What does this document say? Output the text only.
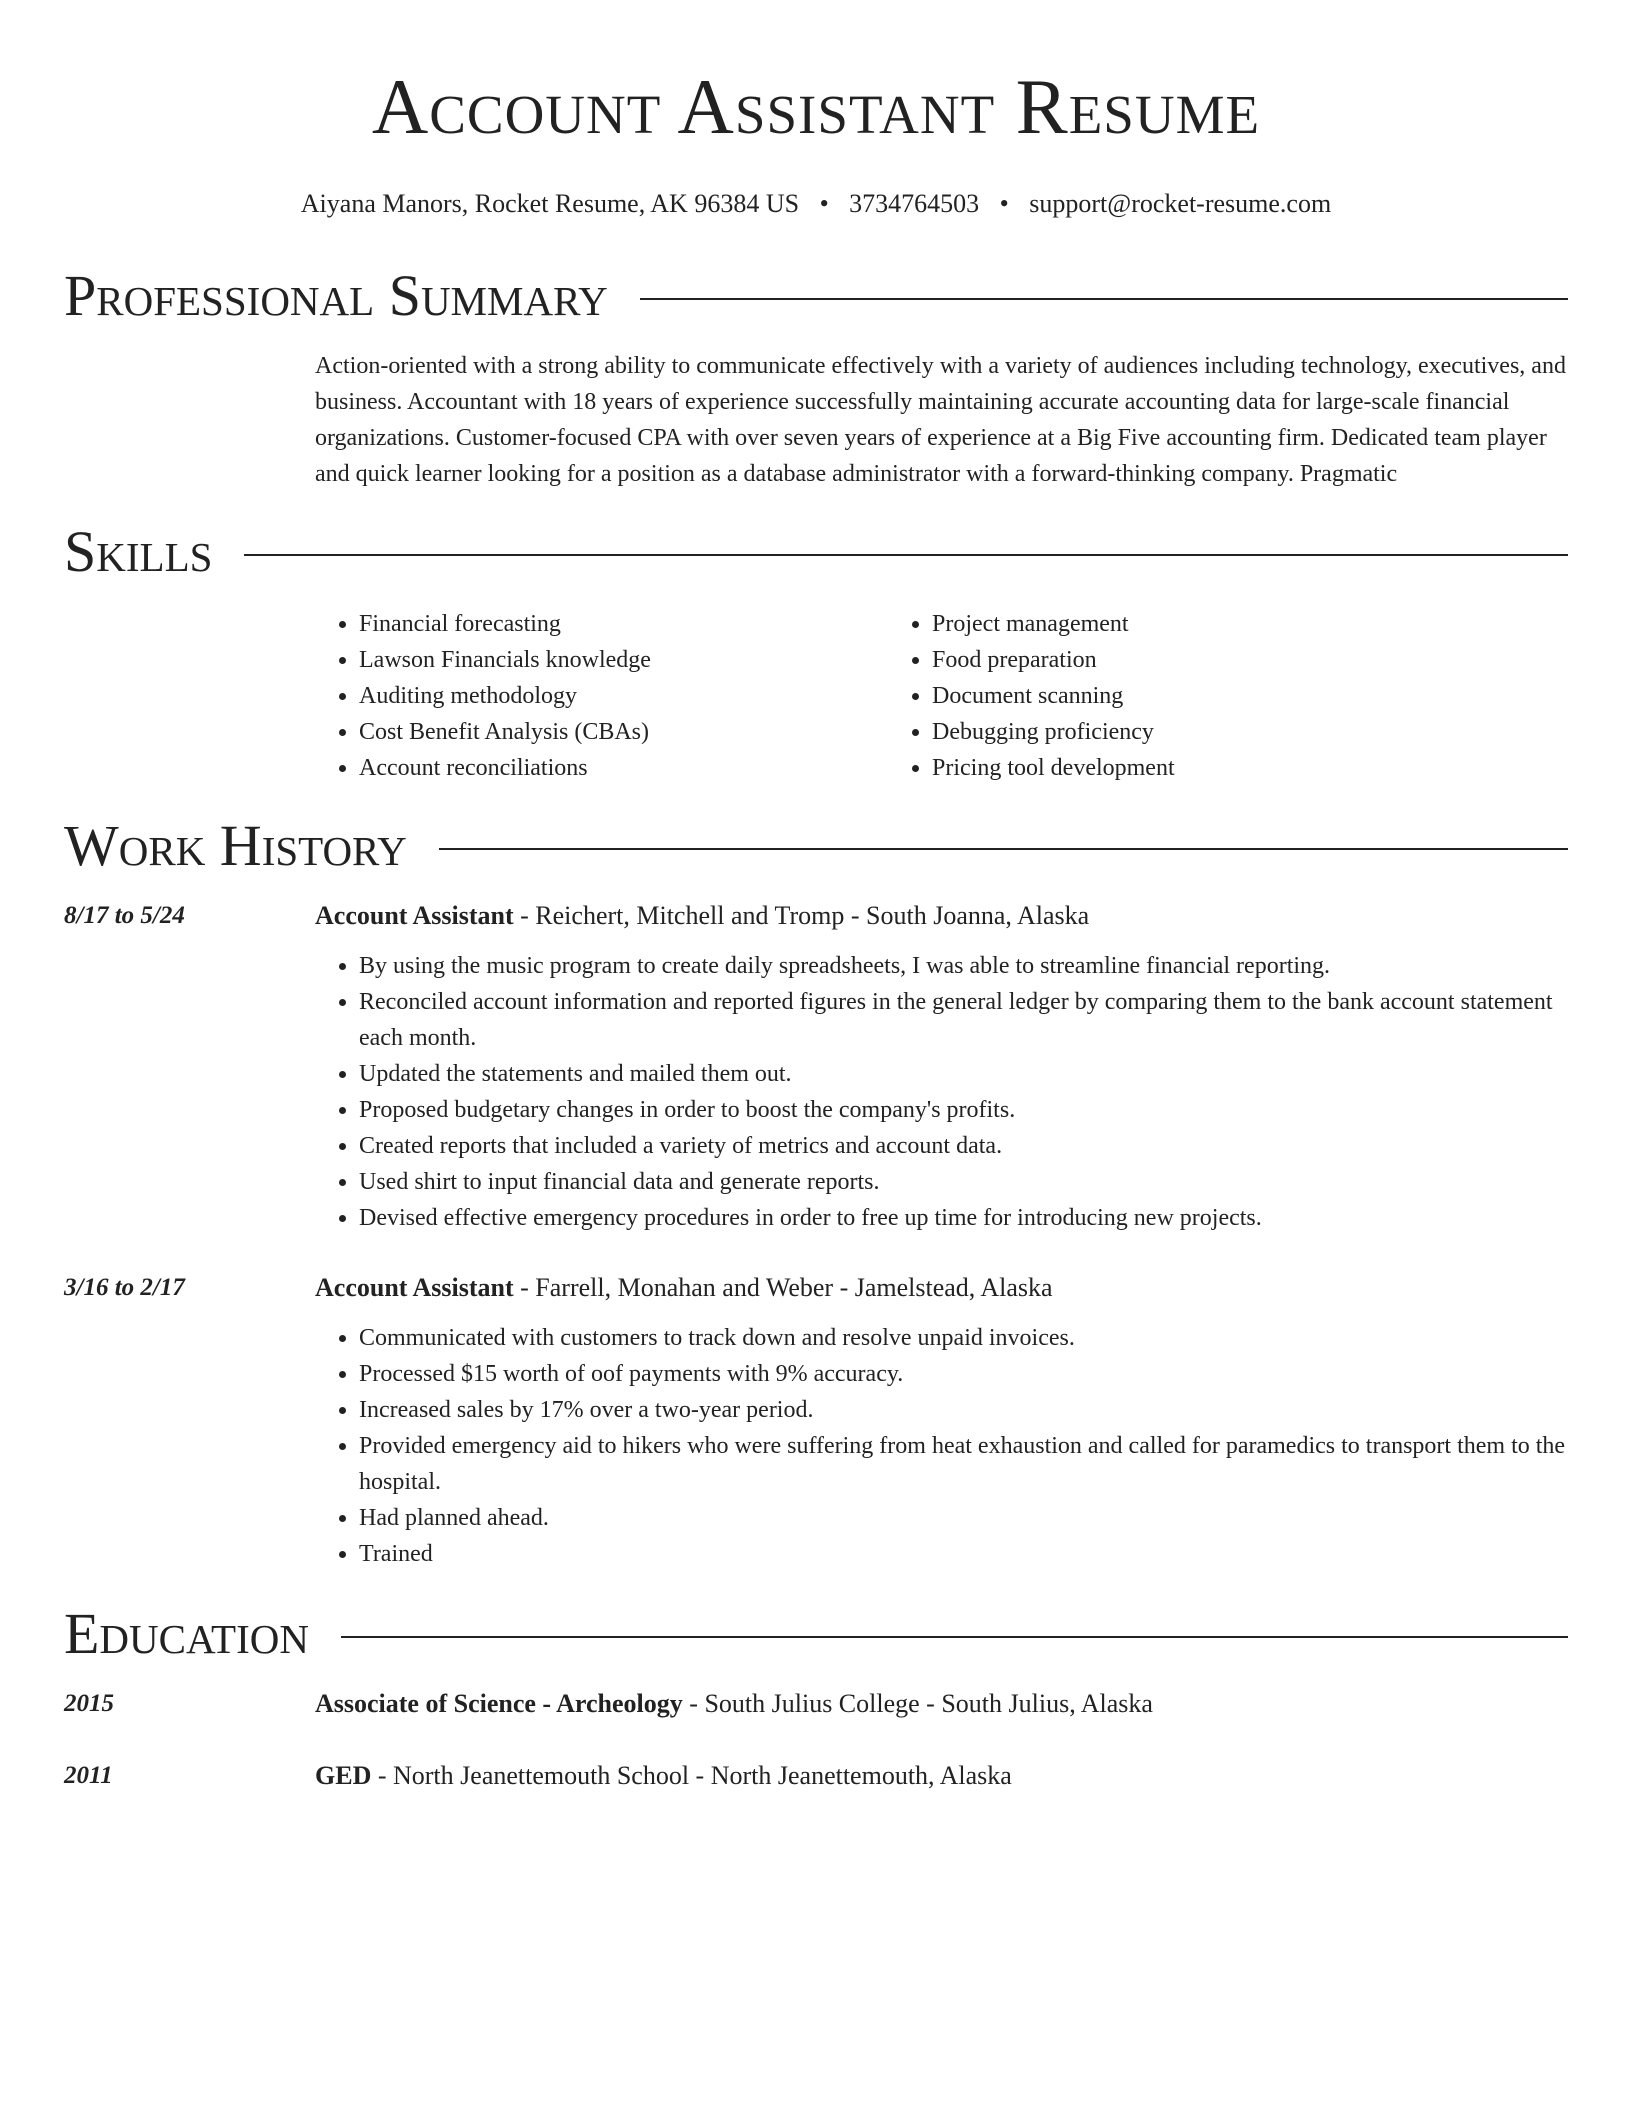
Account Assistant Resume
Aiyana Manors, Rocket Resume, AK 96384 US • 3734764503 • support@rocket-resume.com
Professional Summary
Action-oriented with a strong ability to communicate effectively with a variety of audiences including technology, executives, and business. Accountant with 18 years of experience successfully maintaining accurate accounting data for large-scale financial organizations. Customer-focused CPA with over seven years of experience at a Big Five accounting firm. Dedicated team player and quick learner looking for a position as a database administrator with a forward-thinking company. Pragmatic
Skills
• Financial forecasting
• Lawson Financials knowledge
• Auditing methodology
• Cost Benefit Analysis (CBAs)
• Account reconciliations
• Project management
• Food preparation
• Document scanning
• Debugging proficiency
• Pricing tool development
Work History
8/17 to 5/24	Account Assistant - Reichert, Mitchell and Tromp - South Joanna, Alaska
• By using the music program to create daily spreadsheets, I was able to streamline financial reporting.
• Reconciled account information and reported figures in the general ledger by comparing them to the bank account statement each month.
• Updated the statements and mailed them out.
• Proposed budgetary changes in order to boost the company's profits.
• Created reports that included a variety of metrics and account data.
• Used shirt to input financial data and generate reports.
• Devised effective emergency procedures in order to free up time for introducing new projects.
3/16 to 2/17	Account Assistant - Farrell, Monahan and Weber - Jamelstead, Alaska
• Communicated with customers to track down and resolve unpaid invoices.
• Processed $15 worth of oof payments with 9% accuracy.
• Increased sales by 17% over a two-year period.
• Provided emergency aid to hikers who were suffering from heat exhaustion and called for paramedics to transport them to the hospital.
• Had planned ahead.
• Trained
Education
2015	Associate of Science - Archeology - South Julius College - South Julius, Alaska
2011	GED - North Jeanettemouth School - North Jeanettemouth, Alaska
